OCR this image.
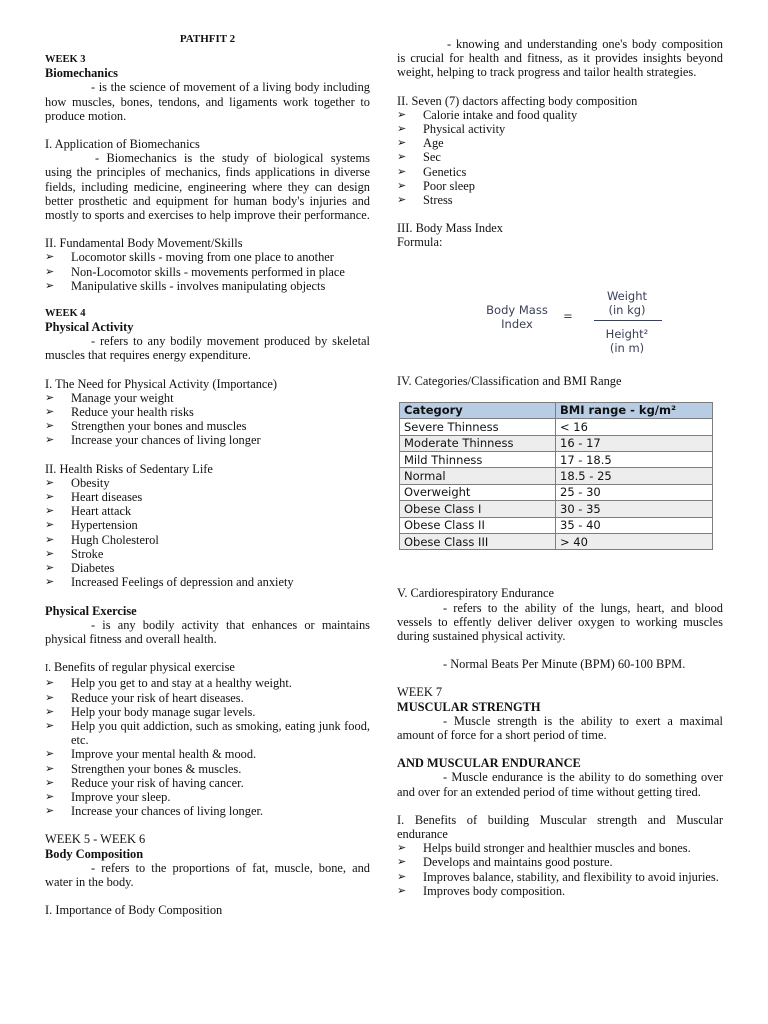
PATHFIT 2

WEEK 3

Biomechanics

- is the science of movement of a living body including how muscles, bones, tendons, and ligaments work together to produce motion.

I. Application of Biomechanics

- Biomechanics is the study of biological systems using the principles of mechanics, finds applications in diverse fields, including medicine, engineering where they can design better prosthetic and equipment for human body's injuries and mostly to sports and exercises to help improve their performance.

II. Fundamental Body Movement/Skills

➢	Locomotor skills - moving from one place to another
➢	Non-Locomotor skills - movements performed in place
➢	Manipulative skills - involves manipulating objects

WEEK 4

Physical Activity

- refers to any bodily movement produced by skeletal muscles that requires energy expenditure.

I. The Need for Physical Activity (Importance)

➢	Manage your weight
➢	Reduce your health risks
➢	Strengthen your bones and muscles
➢	Increase your chances of living longer

II. Health Risks of Sedentary Life

➢	Obesity
➢	Heart diseases
➢	Heart attack
➢	Hypertension
➢	Hugh Cholesterol
➢	Stroke
➢	Diabetes
➢	Increased Feelings of depression and anxiety

Physical Exercise

- is any bodily activity that enhances or maintains physical fitness and overall health.

I. Benefits of regular physical exercise

➢	Help you get to and stay at a healthy weight.
➢	Reduce your risk of heart diseases.
➢	Help your body manage sugar levels.
➢	Help you quit addiction, such as smoking, eating junk food, etc.
➢	Improve your mental health & mood.
➢	Strengthen your bones & muscles.
➢	Reduce your risk of having cancer.
➢	Improve your sleep.
➢	Increase your chances of living longer.

WEEK 5 - WEEK 6

Body Composition

- refers to the proportions of fat, muscle, bone, and water in the body.

I. Importance of Body Composition

- knowing and understanding one's body composition is crucial for health and fitness, as it provides insights beyond weight, helping to track progress and tailor health strategies.

II. Seven (7) dactors affecting body composition

➢	Calorie intake and food quality
➢	Physical activity
➢	Age
➢	Sec
➢	Genetics
➢	Poor sleep
➢	Stress

III. Body Mass Index

Formula:

Body Mass
Index
=
Weight
(in kg)
Height²
(in m)

IV. Categories/Classification and BMI Range

Category	BMI range - kg/m²
Severe Thinness	< 16
Moderate Thinness	16 - 17
Mild Thinness	17 - 18.5
Normal	18.5 - 25
Overweight	25 - 30
Obese Class I	30 - 35
Obese Class II	35 - 40
Obese Class III	> 40

V. Cardiorespiratory Endurance

- refers to the ability of the lungs, heart, and blood vessels to effently deliver deliver oxygen to working muscles during sustained physical activity.

- Normal Beats Per Minute (BPM) 60-100 BPM.

WEEK 7

MUSCULAR STRENGTH

- Muscle strength is the ability to exert a maximal amount of force for a short period of time.

AND MUSCULAR ENDURANCE

- Muscle endurance is the ability to do something over and over for an extended period of time without getting tired.

I. Benefits of building Muscular strength and Muscular endurance

➢	Helps build stronger and healthier muscles and bones.
➢	Develops and maintains good posture.
➢	Improves balance, stability, and flexibility to avoid injuries.
➢	Improves body composition.
